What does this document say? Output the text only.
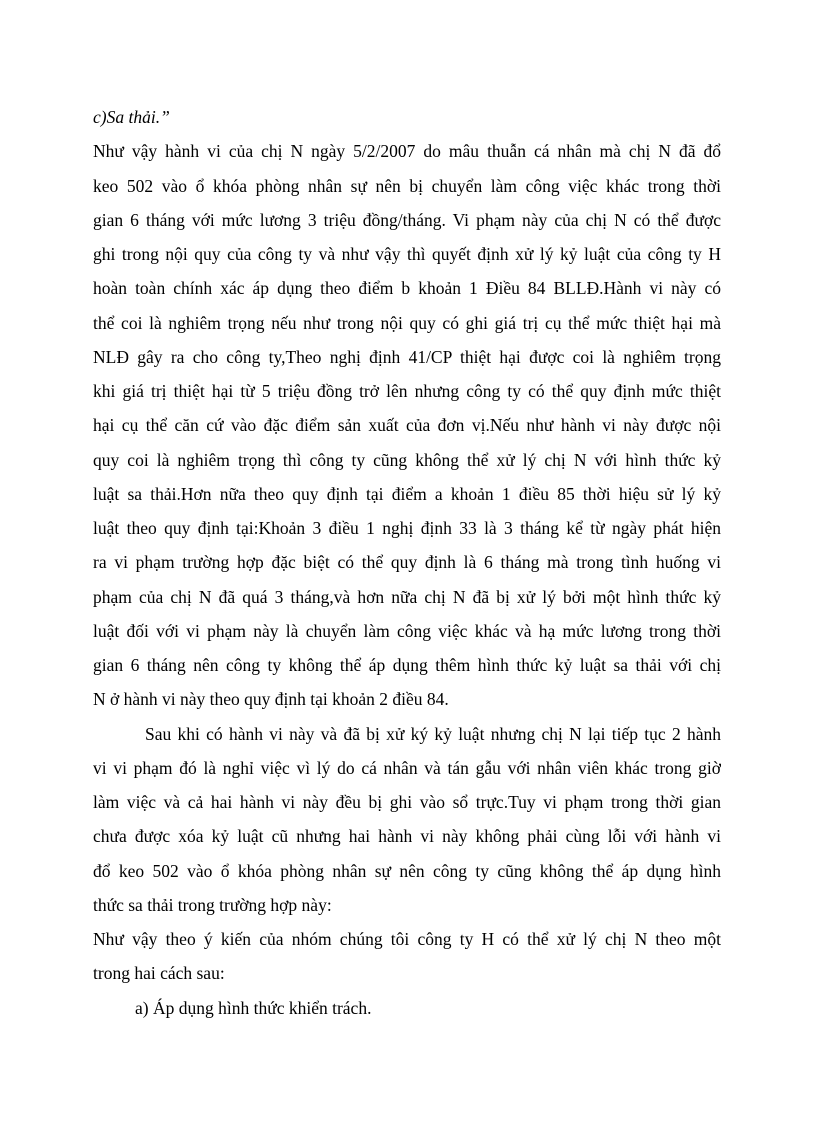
c)Sa thải.”
Như vậy hành vi của chị N ngày 5/2/2007 do mâu thuẫn cá nhân mà chị N đã đổ
keo 502 vào ổ khóa phòng nhân sự nên bị chuyển làm công việc khác trong thời
gian 6 tháng với mức lương 3 triệu đồng/tháng. Vi phạm này của chị N có thể được
ghi trong nội quy của công ty và như vậy thì quyết định xử lý kỷ luật của công ty H
hoàn toàn chính xác áp dụng theo điểm b khoản 1 Điều 84 BLLĐ.Hành vi này có
thể coi là nghiêm trọng nếu như trong nội quy có ghi giá trị cụ thể mức thiệt hại mà
NLĐ gây ra cho công ty,Theo nghị định 41/CP thiệt hại được coi là nghiêm trọng
khi giá trị thiệt hại từ 5 triệu đồng trở lên nhưng công ty có thể quy định mức thiệt
hại cụ thể căn cứ vào đặc điểm sản xuất của đơn vị.Nếu như hành vi này được nội
quy coi là nghiêm trọng thì công ty cũng không thể xử lý chị N với hình thức kỷ
luật sa thải.Hơn nữa theo quy định tại điểm a khoản 1 điều 85 thời hiệu sử lý kỷ
luật theo quy định tại:Khoản 3 điều 1 nghị định 33 là 3 tháng kể từ ngày phát hiện
ra vi phạm trường hợp đặc biệt có thể quy định là 6 tháng mà trong tình huống vi
phạm của chị N đã quá 3 tháng,và hơn nữa chị N đã bị xử lý bởi một hình thức kỷ
luật đối với vi phạm này là chuyển làm công việc khác và hạ mức lương trong thời
gian 6 tháng nên công ty không thể áp dụng thêm hình thức kỷ luật sa thải với chị
N ở hành vi này theo quy định tại khoản 2 điều 84.
Sau khi có hành vi này và đã bị xử ký kỷ luật nhưng chị N lại tiếp tục 2 hành
vi vi phạm đó là nghỉ việc vì lý do cá nhân và tán gẫu với nhân viên khác trong giờ
làm việc và cả hai hành vi này đều bị ghi vào sổ trực.Tuy vi phạm trong thời gian
chưa được xóa kỷ luật cũ nhưng hai hành vi này không phải cùng lỗi với hành vi
đổ keo 502 vào ổ khóa phòng nhân sự nên công ty cũng không thể áp dụng hình
thức sa thải trong trường hợp này:
Như vậy theo ý kiến của nhóm chúng tôi công ty H có thể xử lý chị N theo một
trong hai cách sau:
a) Áp dụng hình thức khiển trách.
